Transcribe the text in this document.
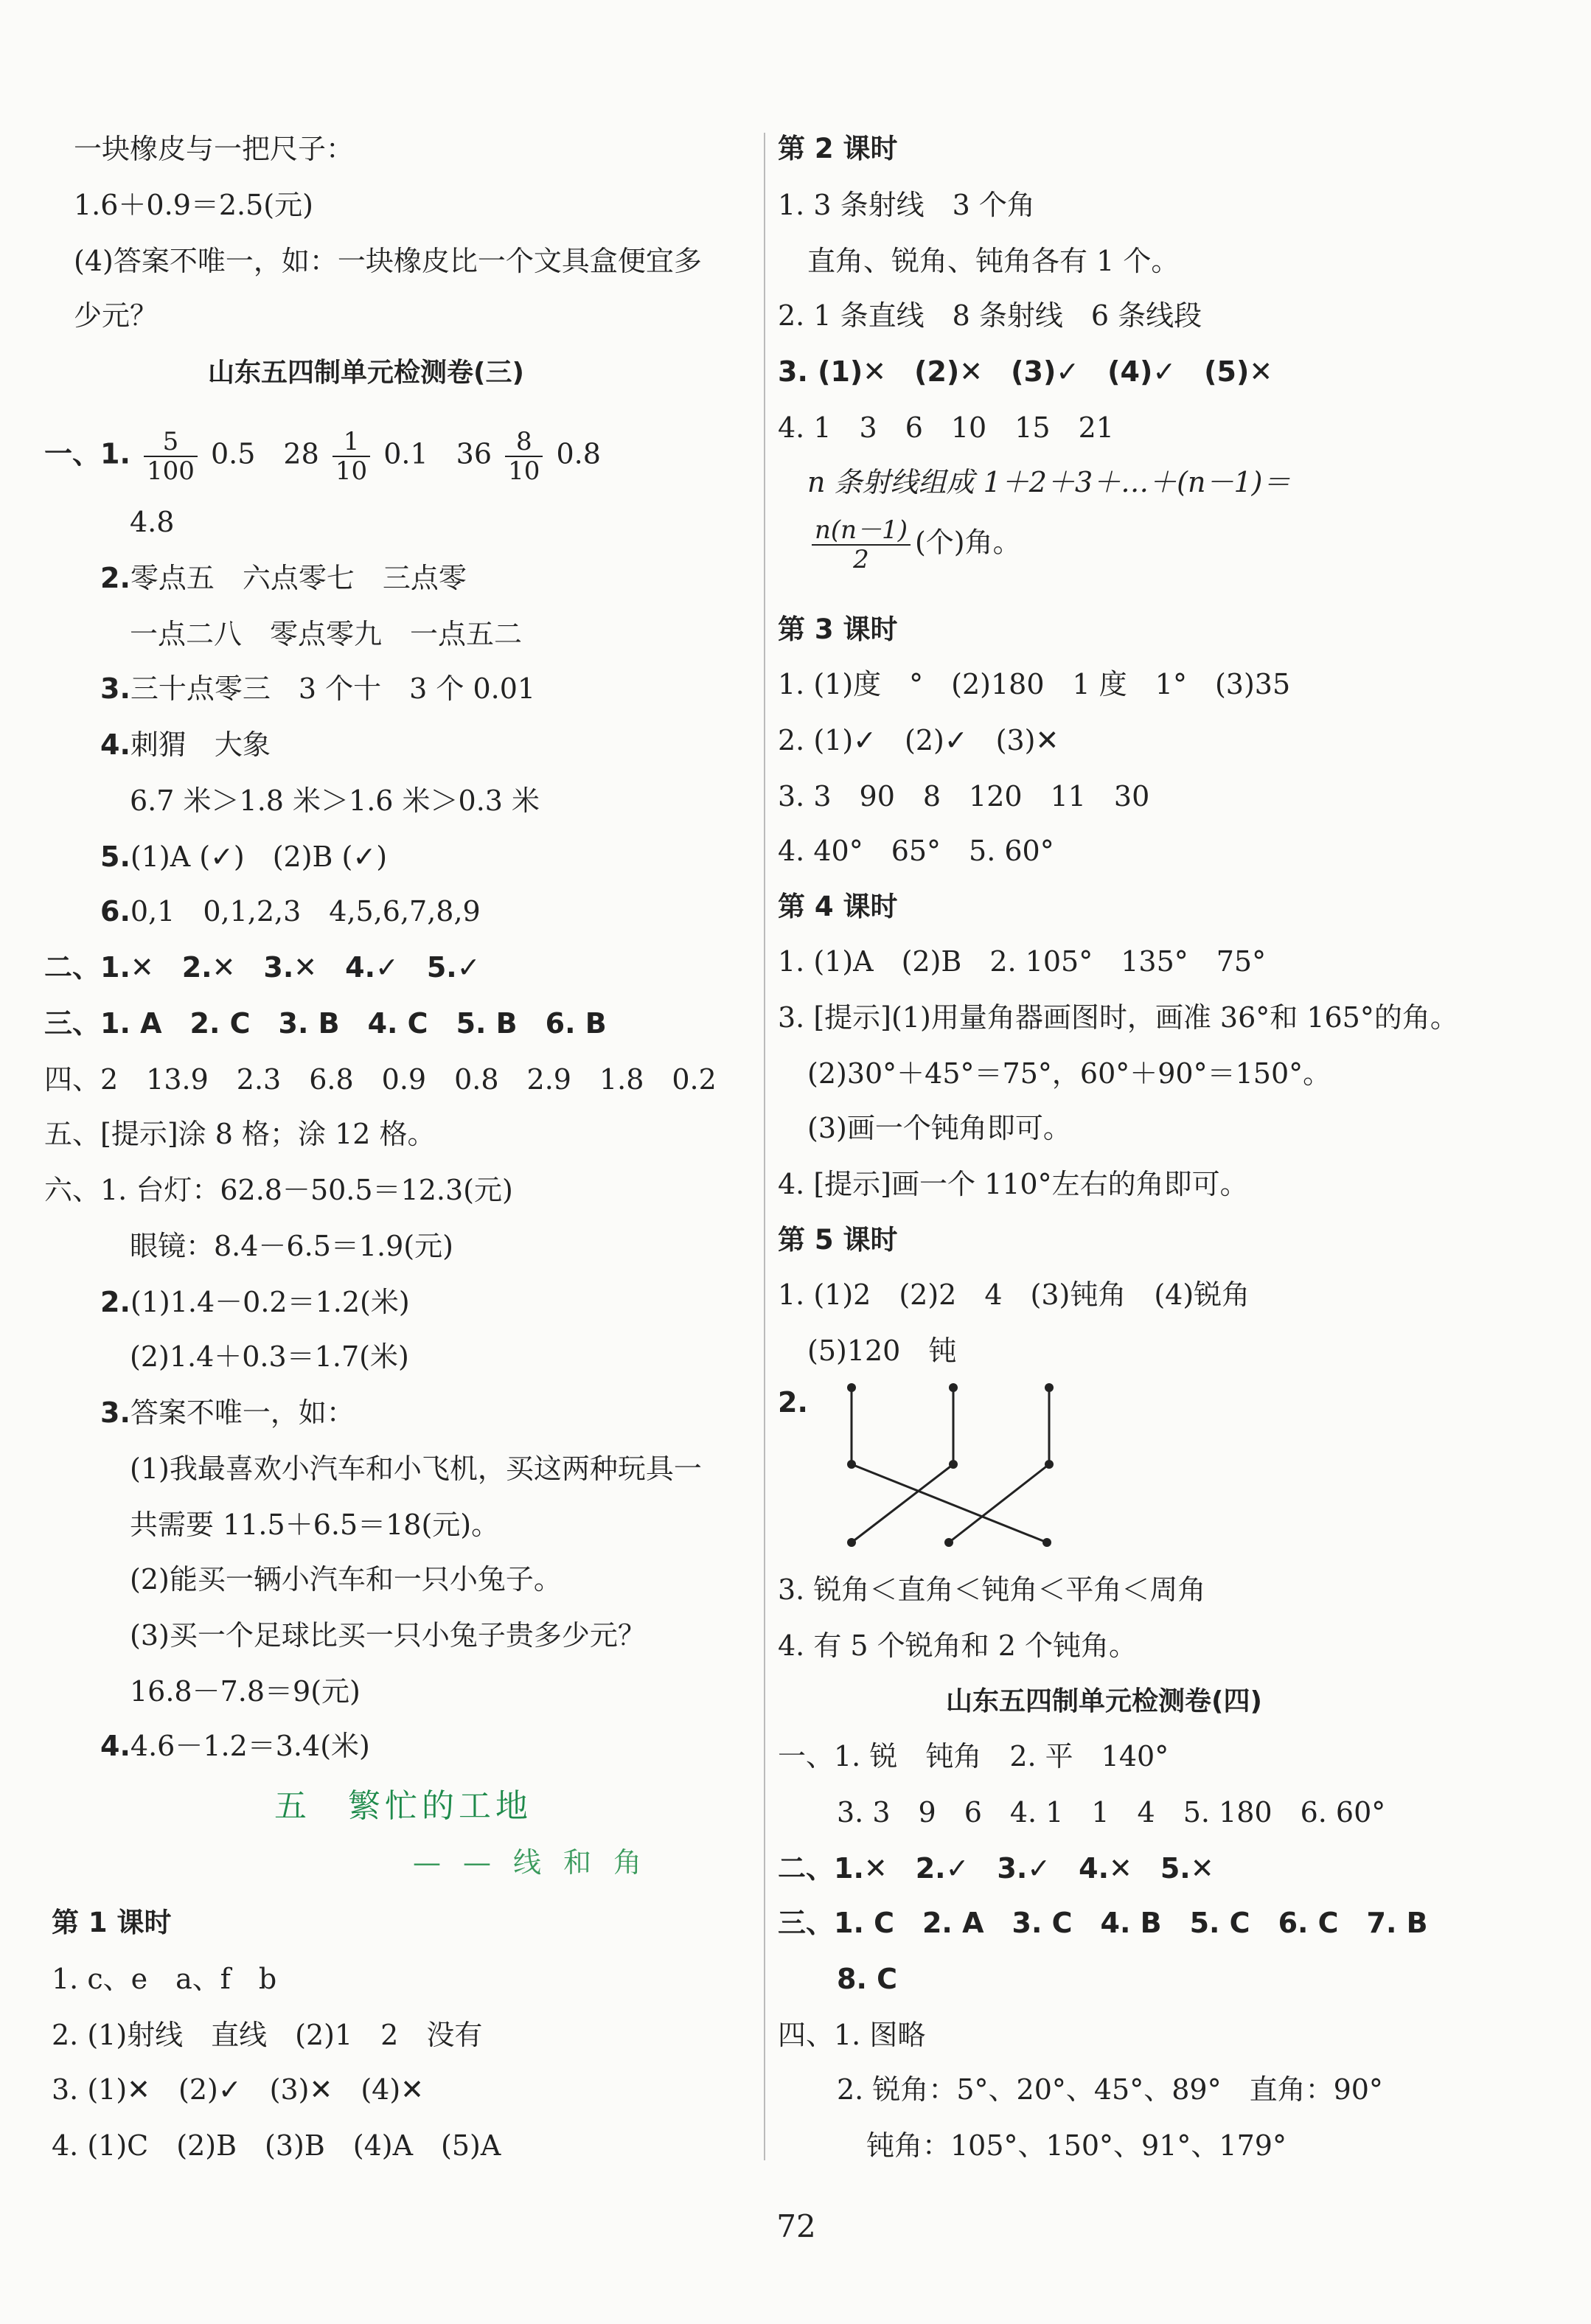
一块橡皮与一把尺子：
1.6＋0.9＝2.5(元)
(4)答案不唯一，如：一块橡皮比一个文具盒便宜多
少元？
山东五四制单元检测卷(三)
一、1. $\frac{5}{100} 0.5$　$28 \frac{1}{10} 0.1$　$36 \frac{8}{10} 0.8$
4.8
2.零点五　六点零七　三点零
一点二八　零点零九　一点五二
3.三十点零三　3 个十　3 个 0.01
4.刺猬　大象
6.7 米＞1.8 米＞1.6 米＞0.3 米
5.(1)A (✓)　(2)B (✓)
6.0,1　0,1,2,3　4,5,6,7,8,9
二、1.✕　2.✕　3.✕　4.✓　5.✓
三、1. A　2. C　3. B　4. C　5. B　6. B
四、2　13.9　2.3　6.8　0.9　0.8　2.9　1.8　0.2
五、[提示]涂 8 格；涂 12 格。
六、1. 台灯：62.8－50.5＝12.3(元)
眼镜：8.4－6.5＝1.9(元)
2.(1)1.4－0.2＝1.2(米)
(2)1.4＋0.3＝1.7(米)
3.答案不唯一，如：
(1)我最喜欢小汽车和小飞机，买这两种玩具一
共需要 11.5＋6.5＝18(元)。
(2)能买一辆小汽车和一只小兔子。
(3)买一个足球比买一只小兔子贵多少元？
16.8－7.8＝9(元)
4.4.6－1.2＝3.4(米)
五　繁忙的工地
——线和角
第 1 课时
1. c、e　a、f　b
2. (1)射线　直线　(2)1　2　没有
3. (1)✕　(2)✓　(3)✕　(4)✕
4. (1)C　(2)B　(3)B　(4)A　(5)A
第 2 课时
1. 3 条射线　3 个角
直角、锐角、钝角各有 1 个。
2. 1 条直线　8 条射线　6 条线段
3. (1)✕　(2)✕　(3)✓　(4)✓　(5)✕
4. 1　3　6　10　15　21
n 条射线组成 1＋2＋3＋…＋(n－1)＝
$\frac{n(n-1)}{2}$ (个)角。
第 3 课时
1. (1)度　°　(2)180　1 度　1°　(3)35
2. (1)✓　(2)✓　(3)✕
3. 3　90　8　120　11　30
4. 40°　65°　5. 60°
第 4 课时
1. (1)A　(2)B　2. 105°　135°　75°
3. [提示](1)用量角器画图时，画准 36°和 165°的角。
(2)30°＋45°＝75°，60°＋90°＝150°。
(3)画一个钝角即可。
4. [提示]画一个 110°左右的角即可。
第 5 课时
1. (1)2　(2)2　4　(3)钝角　(4)锐角
(5)120　钝
2.
3. 锐角＜直角＜钝角＜平角＜周角
4. 有 5 个锐角和 2 个钝角。
山东五四制单元检测卷(四)
一、1. 锐　钝角　2. 平　140°
3. 3　9　6　4. 1　1　4　5. 180　6. 60°
二、1.✕　2.✓　3.✓　4.✕　5.✕
三、1. C　2. A　3. C　4. B　5. C　6. C　7. B
8. C
四、1. 图略
2. 锐角：5°、20°、45°、89°　直角：90°
钝角：105°、150°、91°、179°
72
